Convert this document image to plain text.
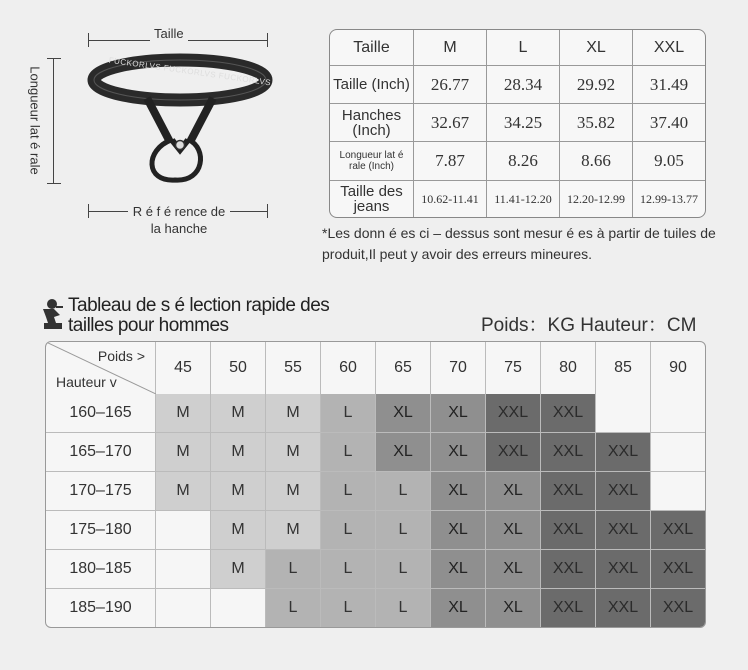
Taille
Longueur lat é rale	FUCKORLVS FUCKORLVS FUCKORLVS
R é f é rence de la hanche
Taille	M	L	XL	XXL
Taille (Inch)	26.77	28.34	29.92	31.49
Hanches (Inch)	32.67	34.25	35.82	37.40
Longueur lat é rale (Inch)	7.87	8.26	8.66	9.05
Taille des jeans	10.62-11.41	11.41-12.20	12.20-12.99	12.99-13.77
*Les donn é es ci – dessus sont mesur é es à partir de tuiles de produit,Il peut y avoir des erreurs mineures.
Tableau de s é lection rapide des tailles pour hommes	Poids：KG Hauteur：CM
Poids >
Hauteur v	45	50	55	60	65	70	75	80	85	90
160–165	M	M	M	L	XL	XL	XXL	XXL		
165–170	M	M	M	L	XL	XL	XXL	XXL	XXL	
170–175	M	M	M	L	L	XL	XL	XXL	XXL	
175–180		M	M	L	L	XL	XL	XXL	XXL	XXL
180–185		M	L	L	L	XL	XL	XXL	XXL	XXL
185–190			L	L	L	XL	XL	XXL	XXL	XXL
